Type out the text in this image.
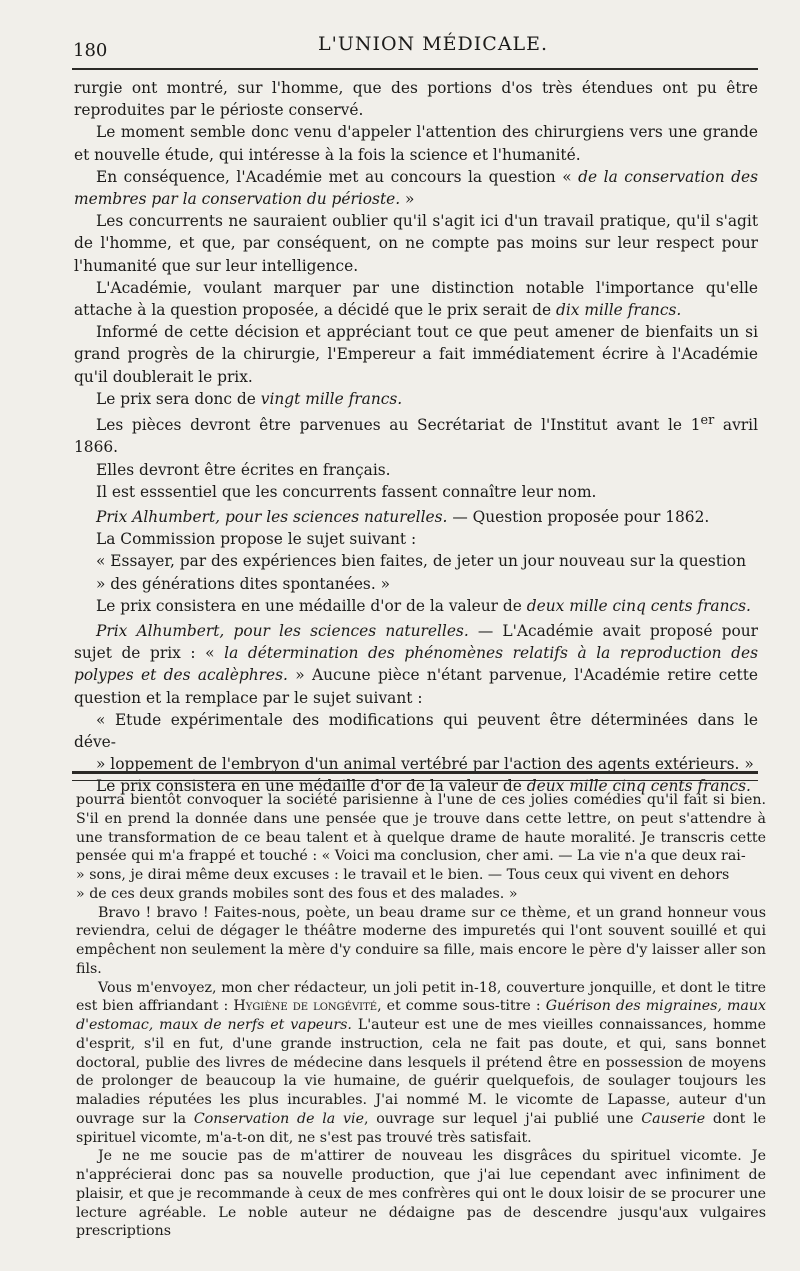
180	L'UNION MÉDICALE.

rurgie ont montré, sur l'homme, que des portions d'os très étendues ont pu être reproduites par le périoste conservé.

Le moment semble donc venu d'appeler l'attention des chirurgiens vers une grande et nouvelle étude, qui intéresse à la fois la science et l'humanité.

En conséquence, l'Académie met au concours la question « de la conservation des membres par la conservation du périoste. »

Les concurrents ne sauraient oublier qu'il s'agit ici d'un travail pratique, qu'il s'agit de l'homme, et que, par conséquent, on ne compte pas moins sur leur respect pour l'humanité que sur leur intelligence.

L'Académie, voulant marquer par une distinction notable l'importance qu'elle attache à la question proposée, a décidé que le prix serait de dix mille francs.

Informé de cette décision et appréciant tout ce que peut amener de bienfaits un si grand progrès de la chirurgie, l'Empereur a fait immédiatement écrire à l'Académie qu'il doublerait le prix.

Le prix sera donc de vingt mille francs.

Les pièces devront être parvenues au Secrétariat de l'Institut avant le 1er avril 1866.

Elles devront être écrites en français.

Il est esssentiel que les concurrents fassent connaître leur nom.

Prix Alhumbert, pour les sciences naturelles. — Question proposée pour 1862.

La Commission propose le sujet suivant :

« Essayer, par des expériences bien faites, de jeter un jour nouveau sur la question

» des générations dites spontanées. »

Le prix consistera en une médaille d'or de la valeur de deux mille cinq cents francs.

Prix Alhumbert, pour les sciences naturelles. — L'Académie avait proposé pour sujet de prix : « la détermination des phénomènes relatifs à la reproduction des polypes et des acalèphres. » Aucune pièce n'étant parvenue, l'Académie retire cette question et la remplace par le sujet suivant :

« Etude expérimentale des modifications qui peuvent être déterminées dans le déve-

» loppement de l'embryon d'un animal vertébré par l'action des agents extérieurs. »

Le prix consistera en une médaille d'or de la valeur de deux mille cinq cents francs.

pourra bientôt convoquer la société parisienne à l'une de ces jolies comédies qu'il fait si bien. S'il en prend la donnée dans une pensée que je trouve dans cette lettre, on peut s'attendre à une transformation de ce beau talent et à quelque drame de haute moralité. Je transcris cette pensée qui m'a frappé et touché : « Voici ma conclusion, cher ami. — La vie n'a que deux rai-

» sons, je dirai même deux excuses : le travail et le bien. — Tous ceux qui vivent en dehors

» de ces deux grands mobiles sont des fous et des malades. »

Bravo ! bravo ! Faites-nous, poète, un beau drame sur ce thème, et un grand honneur vous reviendra, celui de dégager le théâtre moderne des impuretés qui l'ont souvent souillé et qui empêchent non seulement la mère d'y conduire sa fille, mais encore le père d'y laisser aller son fils.

Vous m'envoyez, mon cher rédacteur, un joli petit in-18, couverture jonquille, et dont le titre est bien affriandant : Hygiène de longévité, et comme sous-titre : Guérison des migraines, maux d'estomac, maux de nerfs et vapeurs. L'auteur est une de mes vieilles connaissances, homme d'esprit, s'il en fut, d'une grande instruction, cela ne fait pas doute, et qui, sans bonnet doctoral, publie des livres de médecine dans lesquels il prétend être en possession de moyens de prolonger de beaucoup la vie humaine, de guérir quelquefois, de soulager toujours les maladies réputées les plus incurables. J'ai nommé M. le vicomte de Lapasse, auteur d'un ouvrage sur la Conservation de la vie, ouvrage sur lequel j'ai publié une Causerie dont le spirituel vicomte, m'a-t-on dit, ne s'est pas trouvé très satisfait.

Je ne me soucie pas de m'attirer de nouveau les disgrâces du spirituel vicomte. Je n'apprécierai donc pas sa nouvelle production, que j'ai lue cependant avec infiniment de plaisir, et que je recommande à ceux de mes confrères qui ont le doux loisir de se procurer une lecture agréable. Le noble auteur ne dédaigne pas de descendre jusqu'aux vulgaires prescriptions
